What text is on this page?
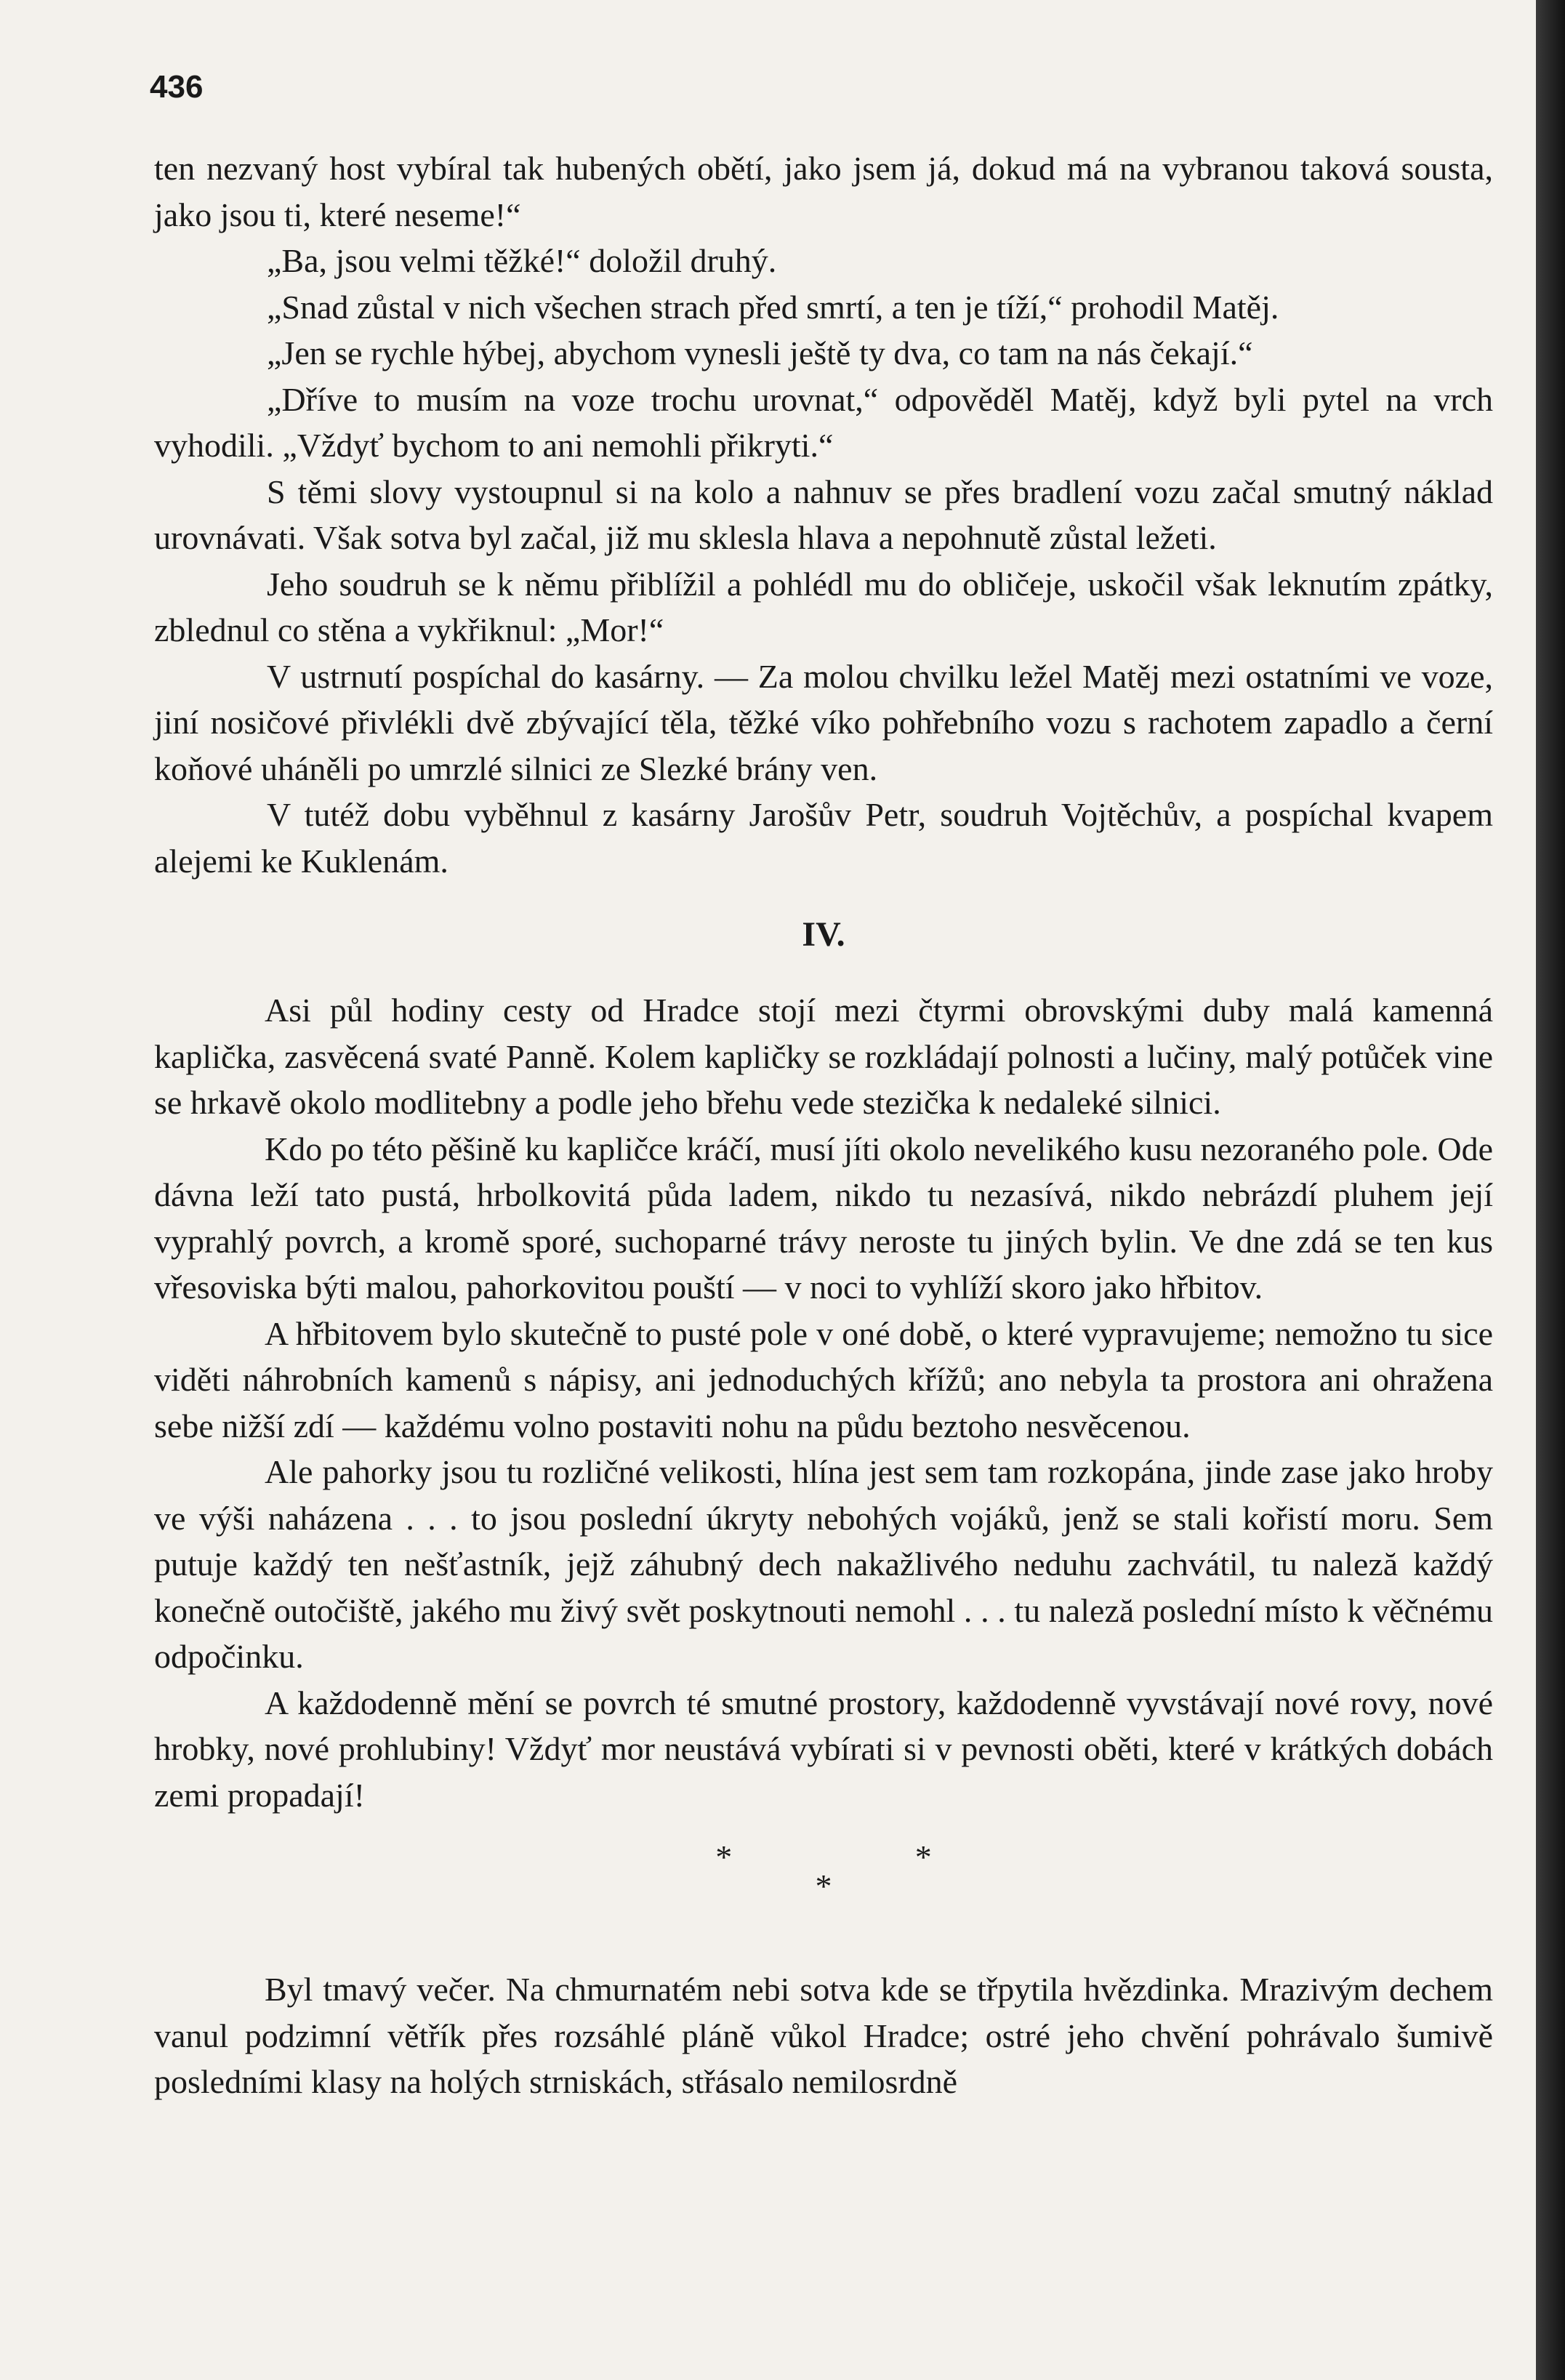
436

ten nezvaný host vybíral tak hubených obětí, jako jsem já, dokud má na vybranou taková sousta, jako jsou ti, které neseme!“

„Ba, jsou velmi těžké!“ doložil druhý.

„Snad zůstal v nich všechen strach před smrtí, a ten je tíží,“ prohodil Matěj.

„Jen se rychle hýbej, abychom vynesli ještě ty dva, co tam na nás čekají.“

„Dříve to musím na voze trochu urovnat,“ odpověděl Matěj, když byli pytel na vrch vyhodili. „Vždyť bychom to ani nemohli přikryti.“

S těmi slovy vystoupnul si na kolo a nahnuv se přes bradlení vozu začal smutný náklad urovnávati. Však sotva byl začal, již mu sklesla hlava a nepohnutě zůstal ležeti.

Jeho soudruh se k němu přiblížil a pohlédl mu do obličeje, uskočil však leknutím zpátky, zblednul co stěna a vykřiknul: „Mor!“

V ustrnutí pospíchal do kasárny. — Za molou chvilku ležel Matěj mezi ostatními ve voze, jiní nosičové přivlékli dvě zbývající těla, těžké víko pohřebního vozu s rachotem zapadlo a černí koňové uháněli po umrzlé silnici ze Slezké brány ven.

V tutéž dobu vyběhnul z kasárny Jarošův Petr, soudruh Vojtěchův, a pospíchal kvapem alejemi ke Kuklenám.

IV.

Asi půl hodiny cesty od Hradce stojí mezi čtyrmi obrovskými duby malá kamenná kaplička, zasvěcená svaté Panně. Kolem kapličky se rozkládají polnosti a lučiny, malý potůček vine se hrkavě okolo modlitebny a podle jeho břehu vede stezička k nedaleké silnici.

Kdo po této pěšině ku kapličce kráčí, musí jíti okolo nevelikého kusu nezoraného pole. Ode dávna leží tato pustá, hrbolkovitá půda ladem, nikdo tu nezasívá, nikdo nebrázdí pluhem její vyprahlý povrch, a kromě sporé, suchoparné trávy neroste tu jiných bylin. Ve dne zdá se ten kus vřesoviska býti malou, pahorkovitou pouští — v noci to vyhlíží skoro jako hřbitov.

A hřbitovem bylo skutečně to pusté pole v oné době, o které vypravujeme; nemožno tu sice viděti náhrobních kamenů s nápisy, ani jednoduchých křížů; ano nebyla ta prostora ani ohražena sebe nižší zdí — každému volno postaviti nohu na půdu beztoho nesvěcenou.

Ale pahorky jsou tu rozličné velikosti, hlína jest sem tam rozkopána, jinde zase jako hroby ve výši naházena . . . to jsou poslední úkryty nebohých vojáků, jenž se stali kořistí moru. Sem putuje každý ten nešťastník, jejž záhubný dech nakažlivého neduhu zachvátil, tu naleză každý konečně outočiště, jakého mu živý svět poskytnouti nemohl . . . tu naleză poslední místo k věčnému odpočinku.

A každodenně mění se povrch té smutné prostory, každodenně vyvstávají nové rovy, nové hrobky, nové prohlubiny! Vždyť mor neustává vybírati si v pevnosti oběti, které v krátkých dobách zemi propadají!

* *
*

Byl tmavý večer. Na chmurnatém nebi sotva kde se třpytila hvězdinka. Mrazivým dechem vanul podzimní větřík přes rozsáhlé pláně vůkol Hradce; ostré jeho chvění pohrávalo šumivě posledními klasy na holých strniskách, střásalo nemilosrdně
